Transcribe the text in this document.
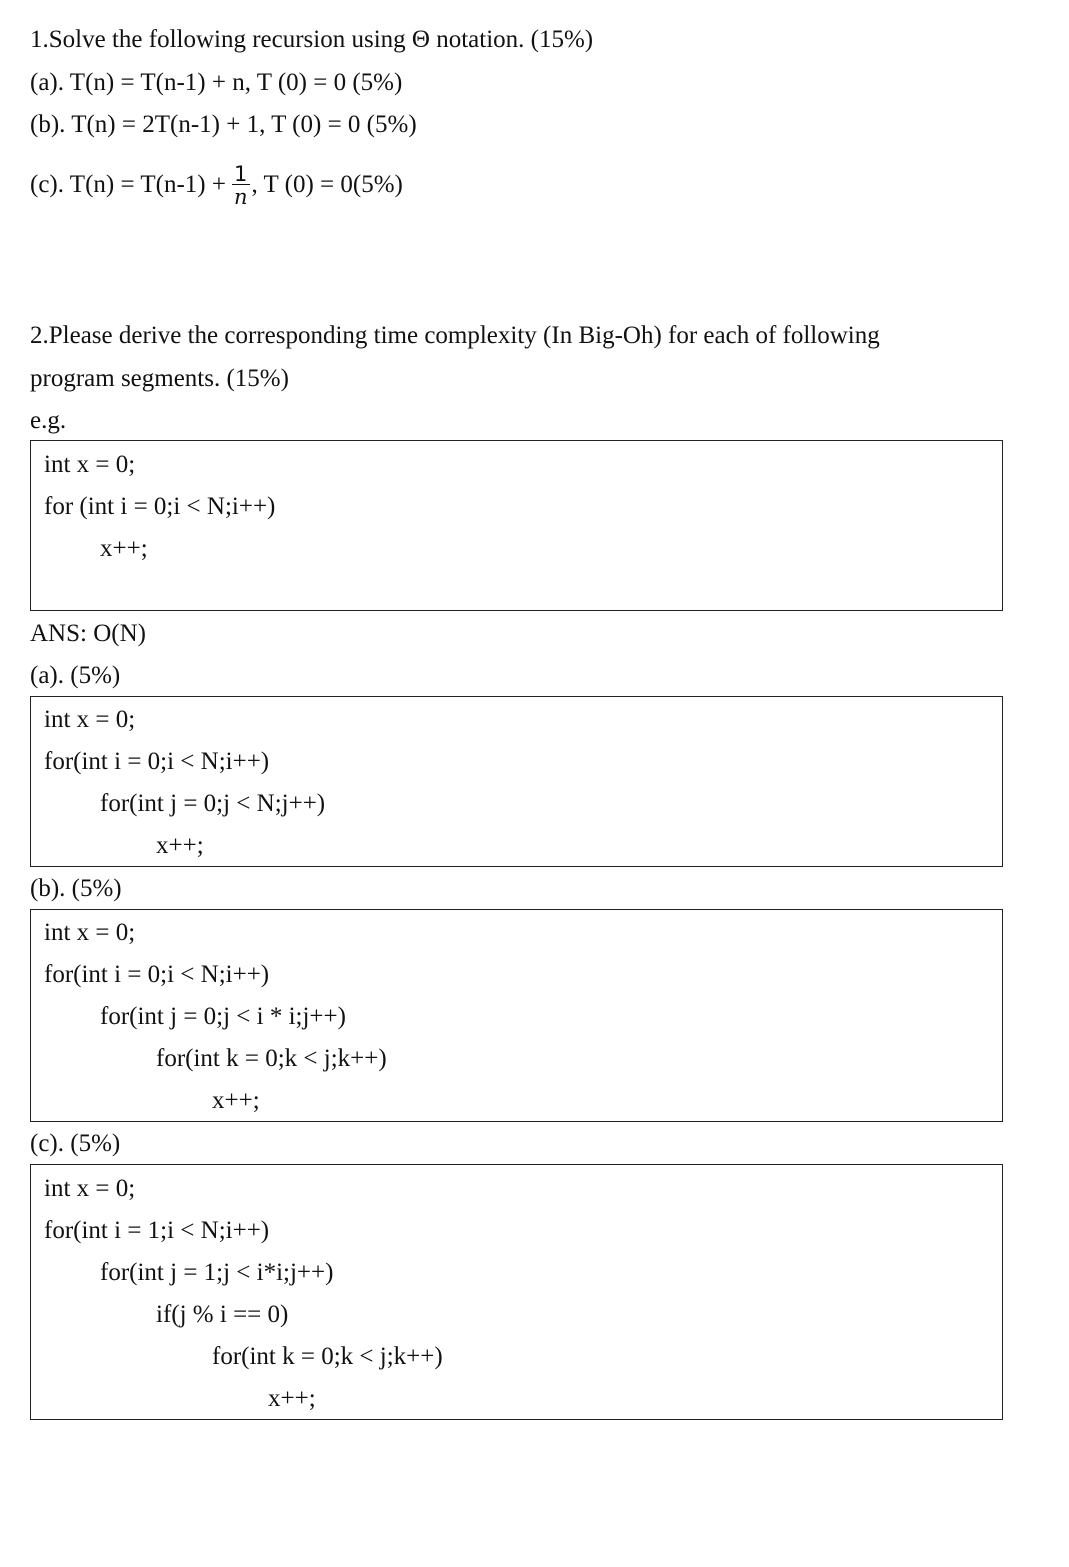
1.Solve the following recursion using Θ notation. (15%)
(a). T(n) = T(n-1) + n, T (0) = 0 (5%)
(b). T(n) = 2T(n-1) + 1, T (0) = 0 (5%)
(c). $T(n) = T(n-1) + \frac{1}{n}$ , T (0) = 0(5%)
2.Please derive the corresponding time complexity (In Big-Oh) for each of following
program segments. (15%)
e.g.
int x = 0;
for (int i = 0;i < N;i++)
x++;
ANS: O(N)
(a). (5%)
int x = 0;
for(int i = 0;i < N;i++)
for(int j = 0;j < N;j++)
x++;
(b). (5%)
int x = 0;
for(int i = 0;i < N;i++)
for(int j = 0;j < i * i;j++)
for(int k = 0;k < j;k++)
x++;
(c). (5%)
int x = 0;
for(int i = 1;i < N;i++)
for(int j = 1;j < i*i;j++)
if(j % i == 0)
for(int k = 0;k < j;k++)
x++;
